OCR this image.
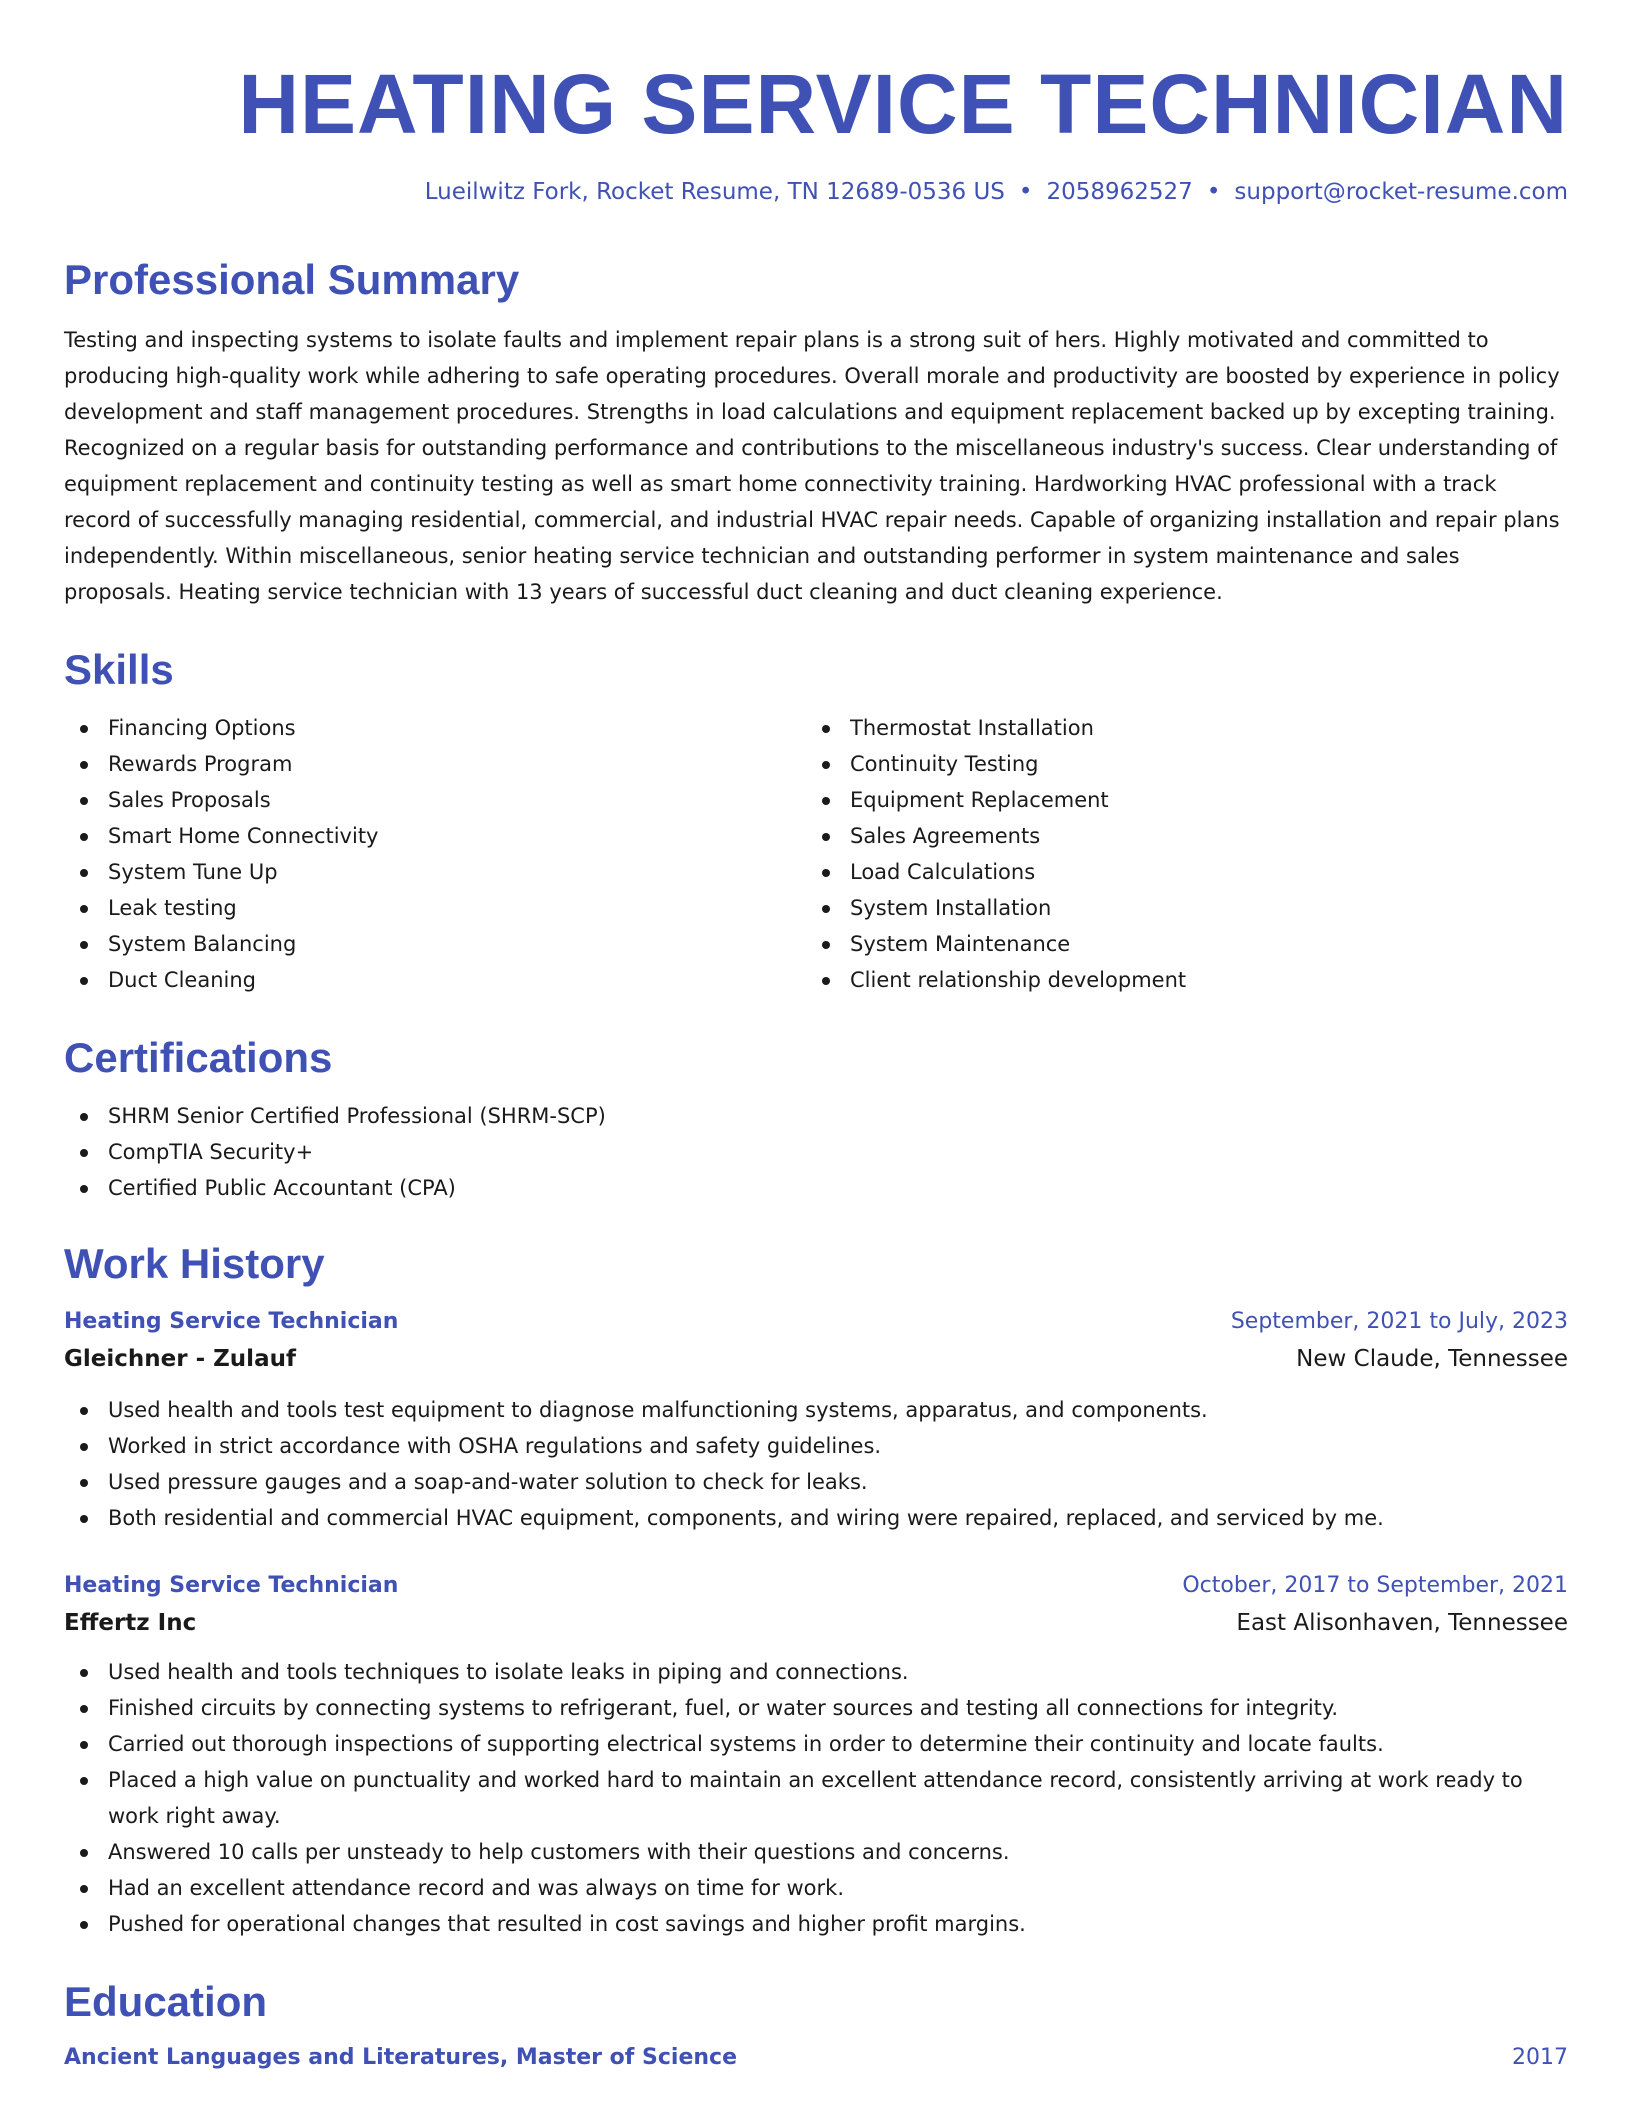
HEATING SERVICE TECHNICIAN
Lueilwitz Fork, Rocket Resume, TN 12689-0536 US • 2058962527 • support@rocket-resume.com
Professional Summary

Testing and inspecting systems to isolate faults and implement repair plans is a strong suit of hers. Highly motivated and committed to producing high-quality work while adhering to safe operating procedures. Overall morale and productivity are boosted by experience in policy development and staff management procedures. Strengths in load calculations and equipment replacement backed up by excepting training. Recognized on a regular basis for outstanding performance and contributions to the miscellaneous industry's success. Clear understanding of equipment replacement and continuity testing as well as smart home connectivity training. Hardworking HVAC professional with a track record of successfully managing residential, commercial, and industrial HVAC repair needs. Capable of organizing installation and repair plans independently. Within miscellaneous, senior heating service technician and outstanding performer in system maintenance and sales proposals. Heating service technician with 13 years of successful duct cleaning and duct cleaning experience.

Skills
Financing Options
Rewards Program
Sales Proposals
Smart Home Connectivity
System Tune Up
Leak testing
System Balancing
Duct Cleaning
Thermostat Installation
Continuity Testing
Equipment Replacement
Sales Agreements
Load Calculations
System Installation
System Maintenance
Client relationship development
Certifications
SHRM Senior Certified Professional (SHRM-SCP)
CompTIA Security+
Certified Public Accountant (CPA)
Work History
Heating Service Technician	September, 2021 to July, 2023
Gleichner - Zulauf	New Claude, Tennessee
Used health and tools test equipment to diagnose malfunctioning systems, apparatus, and components.
Worked in strict accordance with OSHA regulations and safety guidelines.
Used pressure gauges and a soap-and-water solution to check for leaks.
Both residential and commercial HVAC equipment, components, and wiring were repaired, replaced, and serviced by me.
Heating Service Technician	October, 2017 to September, 2021
Effertz Inc	East Alisonhaven, Tennessee
Used health and tools techniques to isolate leaks in piping and connections.
Finished circuits by connecting systems to refrigerant, fuel, or water sources and testing all connections for integrity.
Carried out thorough inspections of supporting electrical systems in order to determine their continuity and locate faults.
Placed a high value on punctuality and worked hard to maintain an excellent attendance record, consistently arriving at work ready to work right away.
Answered 10 calls per unsteady to help customers with their questions and concerns.
Had an excellent attendance record and was always on time for work.
Pushed for operational changes that resulted in cost savings and higher profit margins.
Education
Ancient Languages and Literatures, Master of Science	2017
